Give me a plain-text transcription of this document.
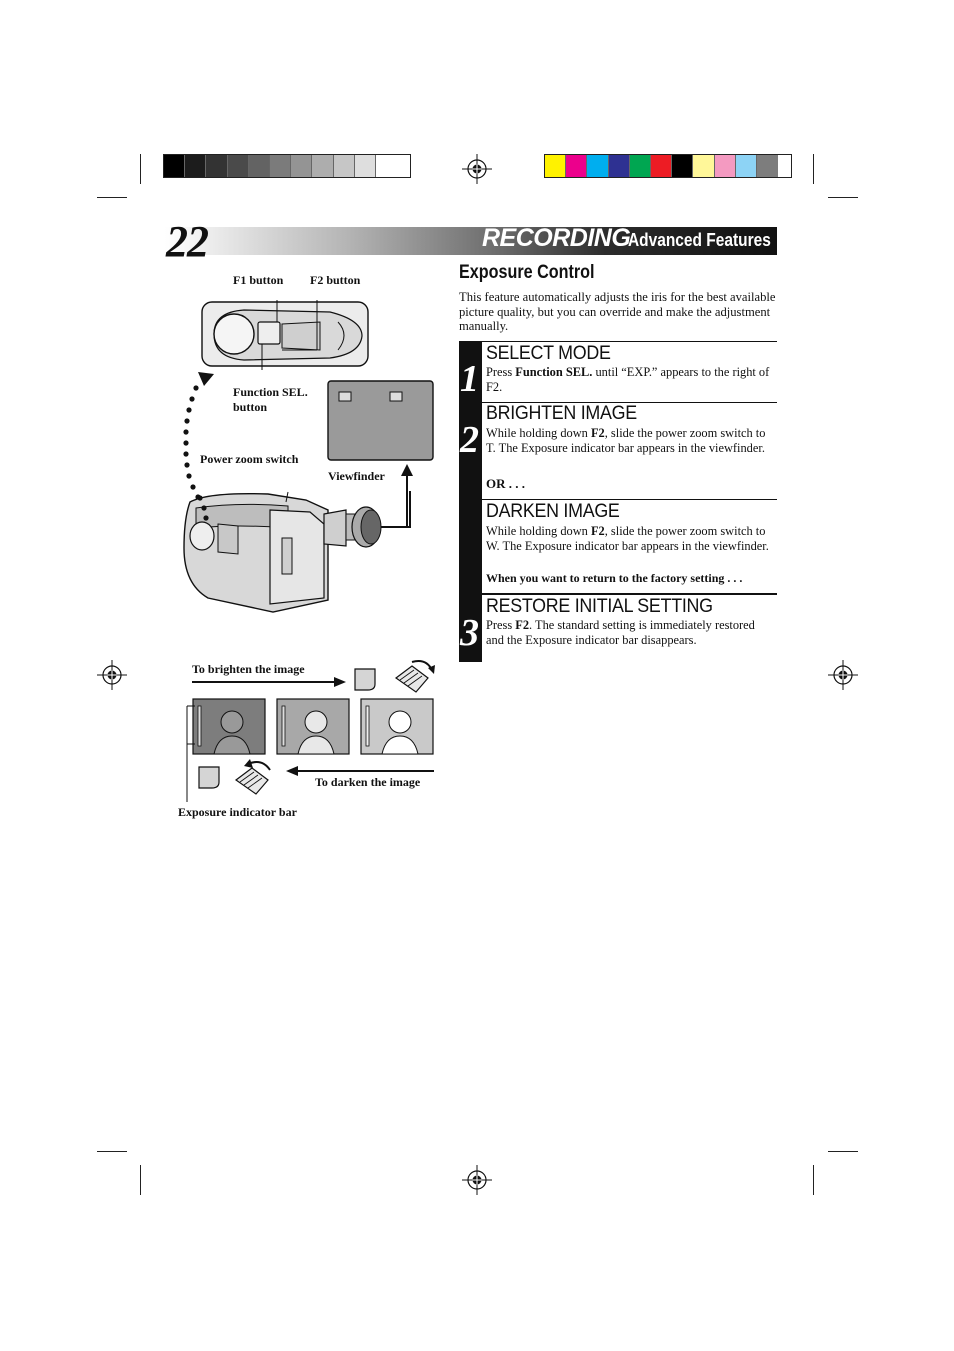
22	RECORDING
Advanced Features
Exposure Control
This feature automatically adjusts the iris for the best available picture quality, but you can override and make the adjustment manually.
1
SELECT MODE
Press Function SEL. until “EXP.” appears to the right of F2.
2
BRIGHTEN IMAGE
While holding down F2, slide the power zoom switch to T. The Exposure indicator bar appears in the viewfinder.
OR . . .
DARKEN IMAGE
While holding down F2, slide the power zoom switch to W. The Exposure indicator bar appears in the viewfinder.
When you want to return to the factory setting . . .
3
RESTORE INITIAL SETTING
Press F2. The standard setting is immediately restored and the Exposure indicator bar disappears.
F1 button F2 button
Function SEL.
button
Power zoom switch
Viewfinder
To brighten the image
To darken the image
Exposure indicator bar
